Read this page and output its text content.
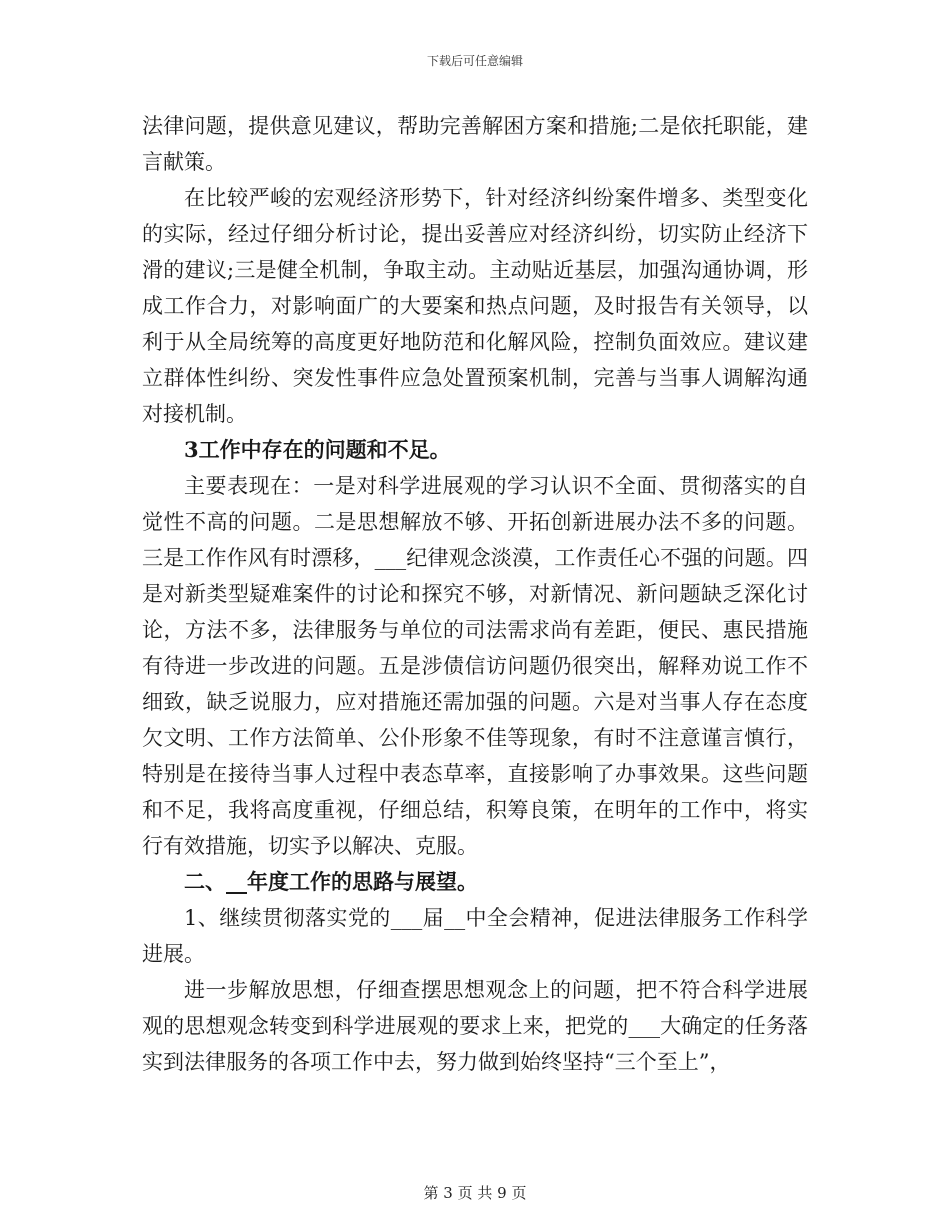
下载后可任意编辑

法律问题，提供意见建议，帮助完善解困方案和措施;二是依托职能，建言献策。

在比较严峻的宏观经济形势下，针对经济纠纷案件增多、类型变化的实际，经过仔细分析讨论，提出妥善应对经济纠纷，切实防止经济下滑的建议;三是健全机制，争取主动。主动贴近基层，加强沟通协调，形成工作合力，对影响面广的大要案和热点问题，及时报告有关领导，以利于从全局统筹的高度更好地防范和化解风险，控制负面效应。建议建立群体性纠纷、突发性事件应急处置预案机制，完善与当事人调解沟通对接机制。

3工作中存在的问题和不足。

主要表现在：一是对科学进展观的学习认识不全面、贯彻落实的自觉性不高的问题。二是思想解放不够、开拓创新进展办法不多的问题。三是工作作风有时漂移，___纪律观念淡漠，工作责任心不强的问题。四是对新类型疑难案件的讨论和探究不够，对新情况、新问题缺乏深化讨论，方法不多，法律服务与单位的司法需求尚有差距，便民、惠民措施有待进一步改进的问题。五是涉债信访问题仍很突出，解释劝说工作不细致，缺乏说服力，应对措施还需加强的问题。六是对当事人存在态度欠文明、工作方法简单、公仆形象不佳等现象，有时不注意谨言慎行，特别是在接待当事人过程中表态草率，直接影响了办事效果。这些问题和不足，我将高度重视，仔细总结，积筹良策，在明年的工作中，将实行有效措施，切实予以解决、克服。

二、__年度工作的思路与展望。

1、继续贯彻落实党的___届__中全会精神，促进法律服务工作科学进展。

进一步解放思想，仔细查摆思想观念上的问题，把不符合科学进展观的思想观念转变到科学进展观的要求上来，把党的___大确定的任务落实到法律服务的各项工作中去，努力做到始终坚持“三个至上”，

第 3 页 共 9 页
